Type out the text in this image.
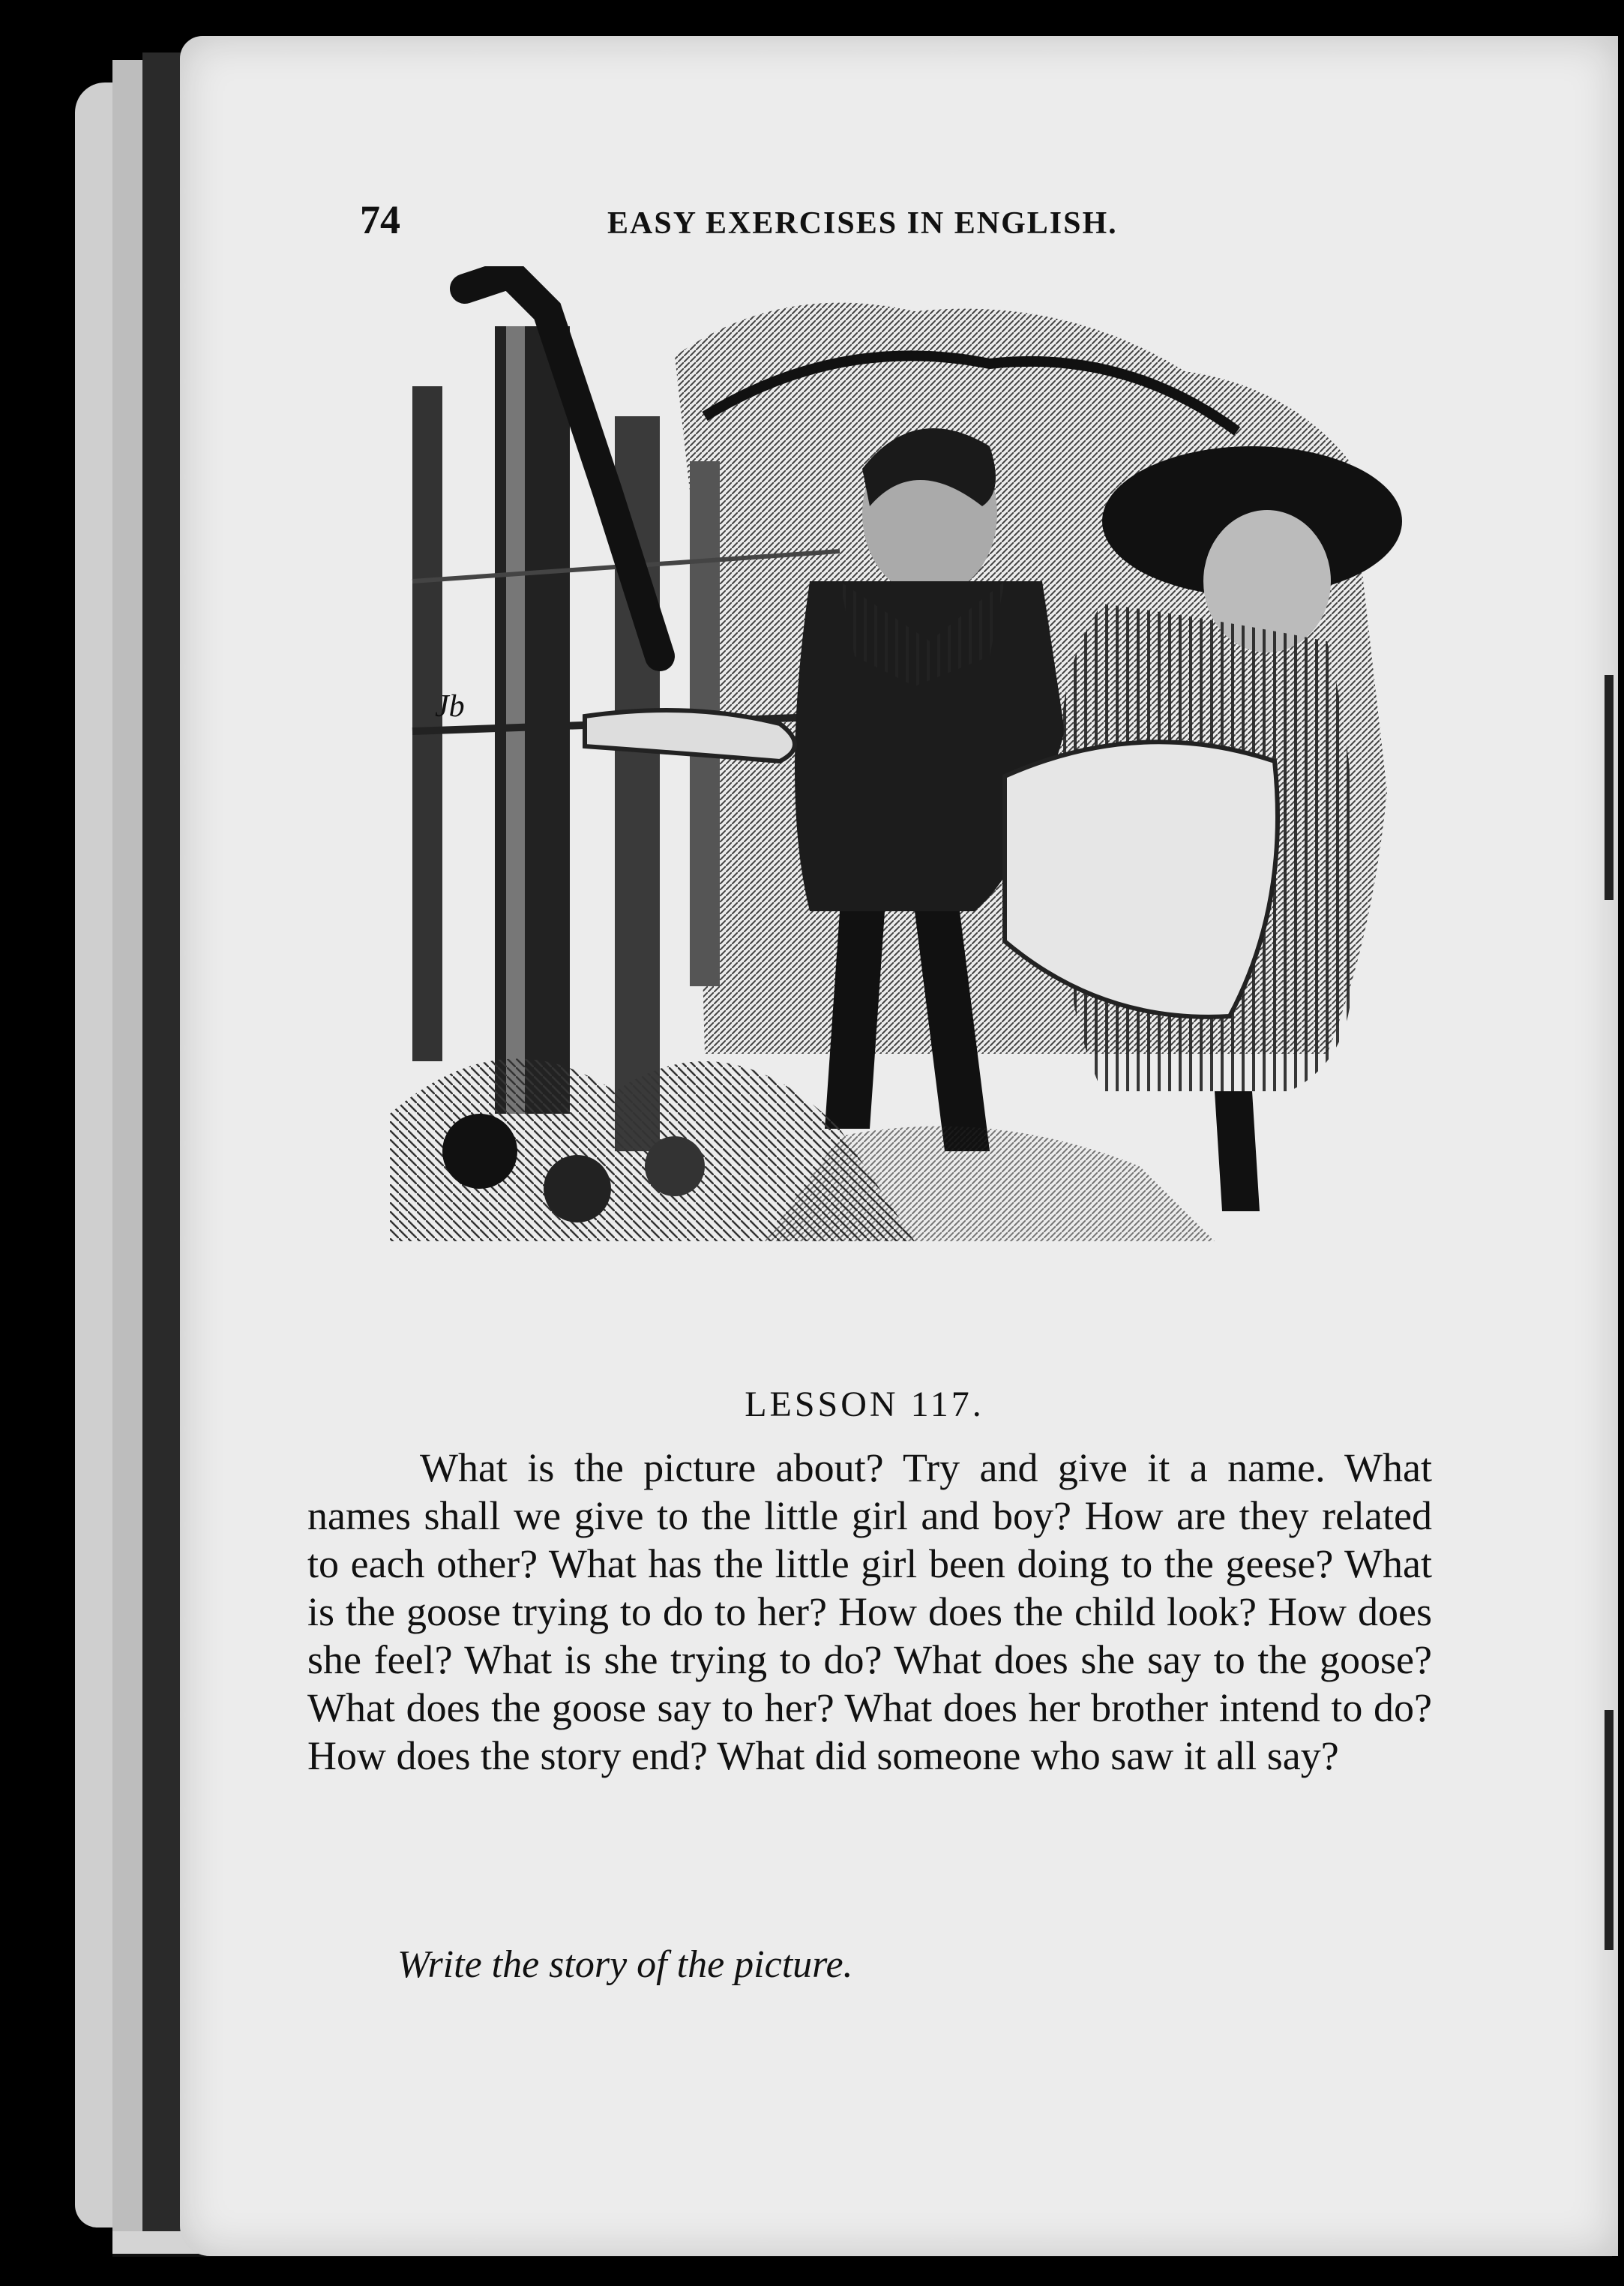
74	EASY EXERCISES IN ENGLISH.
Jb
LESSON 117.
What is the picture about? Try and give it a name. What names shall we give to the little girl and boy? How are they related to each other? What has the little girl been doing to the geese? What is the goose trying to do to her? How does the child look? How does she feel? What is she trying to do? What does she say to the goose? What does the goose say to her? What does her brother intend to do? How does the story end? What did someone who saw it all say?
Write the story of the picture.
